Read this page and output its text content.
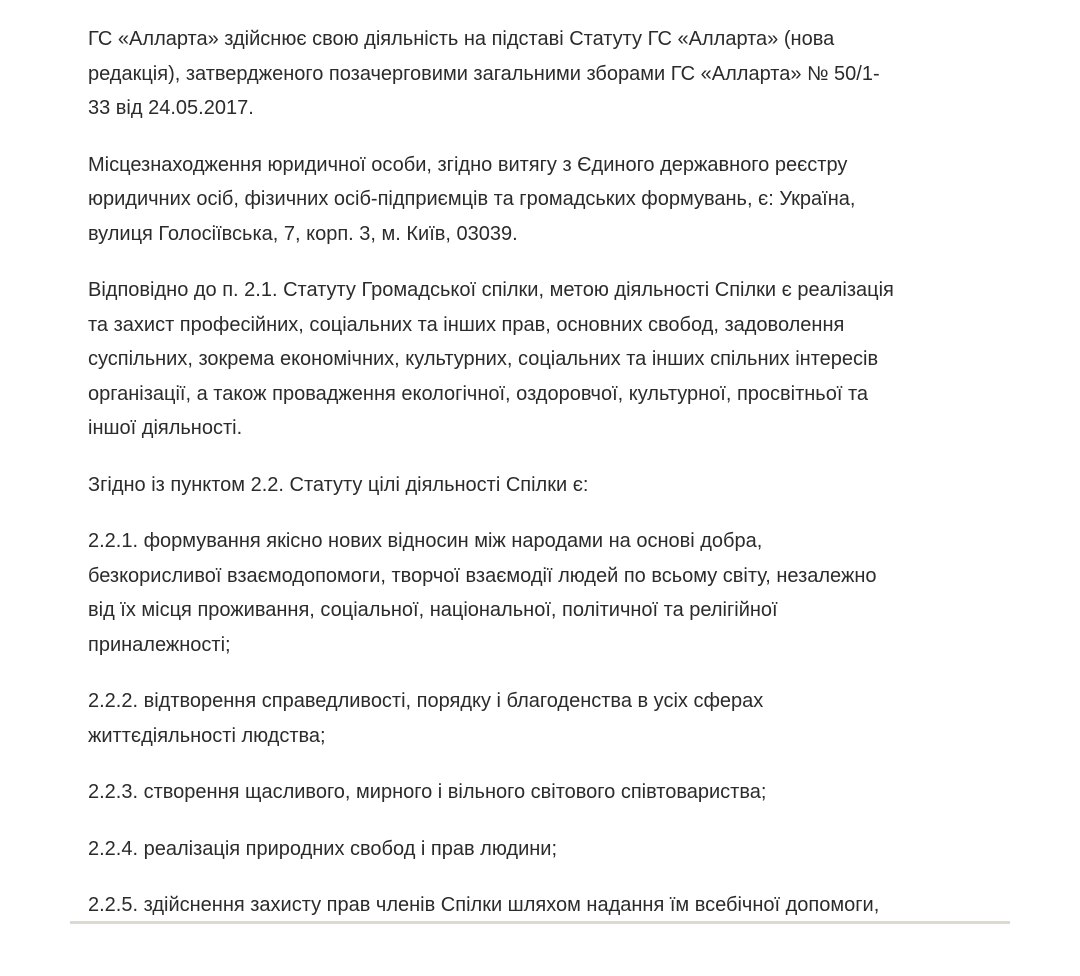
ГС «Алларта» здійснює свою діяльність на підставі Статуту ГС «Алларта» (нова
редакція), затвердженого позачерговими загальними зборами ГС «Алларта» № 50/1-
33 від 24.05.2017.

Місцезнаходження юридичної особи, згідно витягу з Єдиного державного реєстру
юридичних осіб, фізичних осіб-підприємців та громадських формувань, є: Україна,
вулиця Голосіївська, 7, корп. 3, м. Київ, 03039.

Відповідно до п. 2.1. Статуту Громадської спілки, метою діяльності Спілки є реалізація
та захист професійних, соціальних та інших прав, основних свобод, задоволення
суспільних, зокрема економічних, культурних, соціальних та інших спільних інтересів
організації, а також провадження екологічної, оздоровчої, культурної, просвітньої та
іншої діяльності.

Згідно із пунктом 2.2. Статуту цілі діяльності Спілки є:

2.2.1. формування якісно нових відносин між народами на основі добра,
безкорисливої взаємодопомоги, творчої взаємодії людей по всьому світу, незалежно
від їх місця проживання, соціальної, національної, політичної та релігійної
приналежності;

2.2.2. відтворення справедливості, порядку і благоденства в усіх сферах
життєдіяльності людства;

2.2.3. створення щасливого, мирного і вільного світового співтовариства;

2.2.4. реалізація природних свобод і прав людини;

2.2.5. здійснення захисту прав членів Спілки шляхом надання їм всебічної допомоги,
